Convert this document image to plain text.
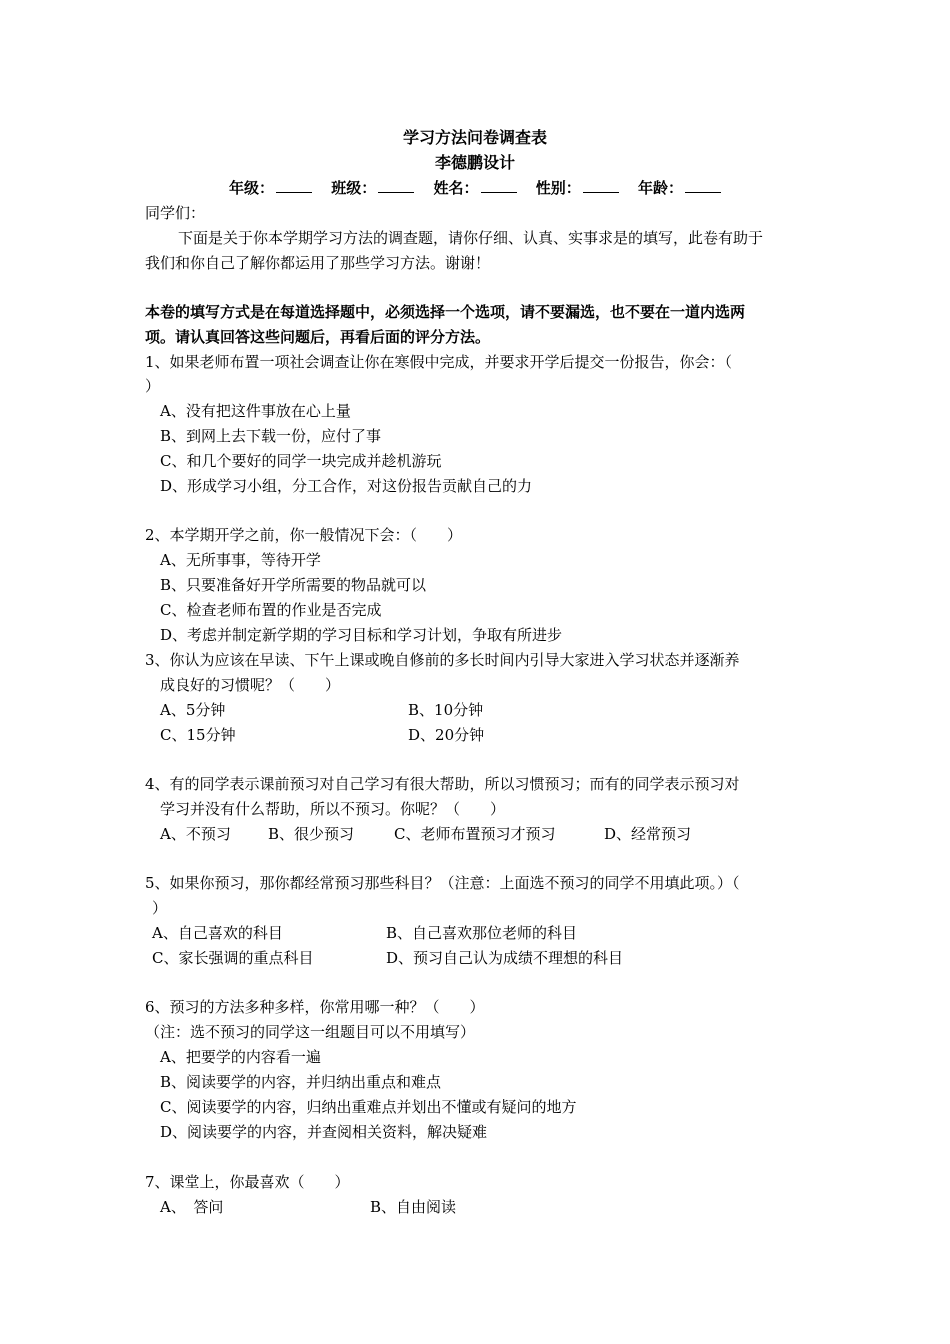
学习方法问卷调查表
李德鹏设计
年级：	班级：	姓名：	性别：	年龄：
同学们：
下面是关于你本学期学习方法的调查题，请你仔细、认真、实事求是的填写，此卷有助于
我们和你自己了解你都运用了那些学习方法。谢谢！
本卷的填写方式是在每道选择题中，必须选择一个选项，请不要漏选，也不要在一道内选两
项。请认真回答这些问题后，再看后面的评分方法。
1、如果老师布置一项社会调查让你在寒假中完成，并要求开学后提交一份报告，你会：（
）
A、没有把这件事放在心上量
B、到网上去下载一份，应付了事
C、和几个要好的同学一块完成并趁机游玩
D、形成学习小组，分工合作，对这份报告贡献自己的力
2、本学期开学之前，你一般情况下会：（　　）
A、无所事事，等待开学
B、只要准备好开学所需要的物品就可以
C、检查老师布置的作业是否完成
D、考虑并制定新学期的学习目标和学习计划，争取有所进步
3、你认为应该在早读、下午上课或晚自修前的多长时间内引导大家进入学习状态并逐渐养
成良好的习惯呢？（　　）
A、5分钟	B、10分钟
C、15分钟	D、20分钟
4、有的同学表示课前预习对自己学习有很大帮助，所以习惯预习；而有的同学表示预习对
学习并没有什么帮助，所以不预习。你呢？（　　）
A、不预习 B、很少预习	C、老师布置预习才预习	D、经常预习
5、如果你预习，那你都经常预习那些科目？（注意：上面选不预习的同学不用填此项。）（
）
A、自己喜欢的科目	B、自己喜欢那位老师的科目
C、家长强调的重点科目	D、预习自己认为成绩不理想的科目
6、预习的方法多种多样，你常用哪一种？（　　）
（注：选不预习的同学这一组题目可以不用填写）
A、把要学的内容看一遍
B、阅读要学的内容，并归纳出重点和难点
C、阅读要学的内容，归纳出重难点并划出不懂或有疑问的地方
D、阅读要学的内容，并查阅相关资料，解决疑难
7、课堂上，你最喜欢（　　）
A、　答问	B、自由阅读
